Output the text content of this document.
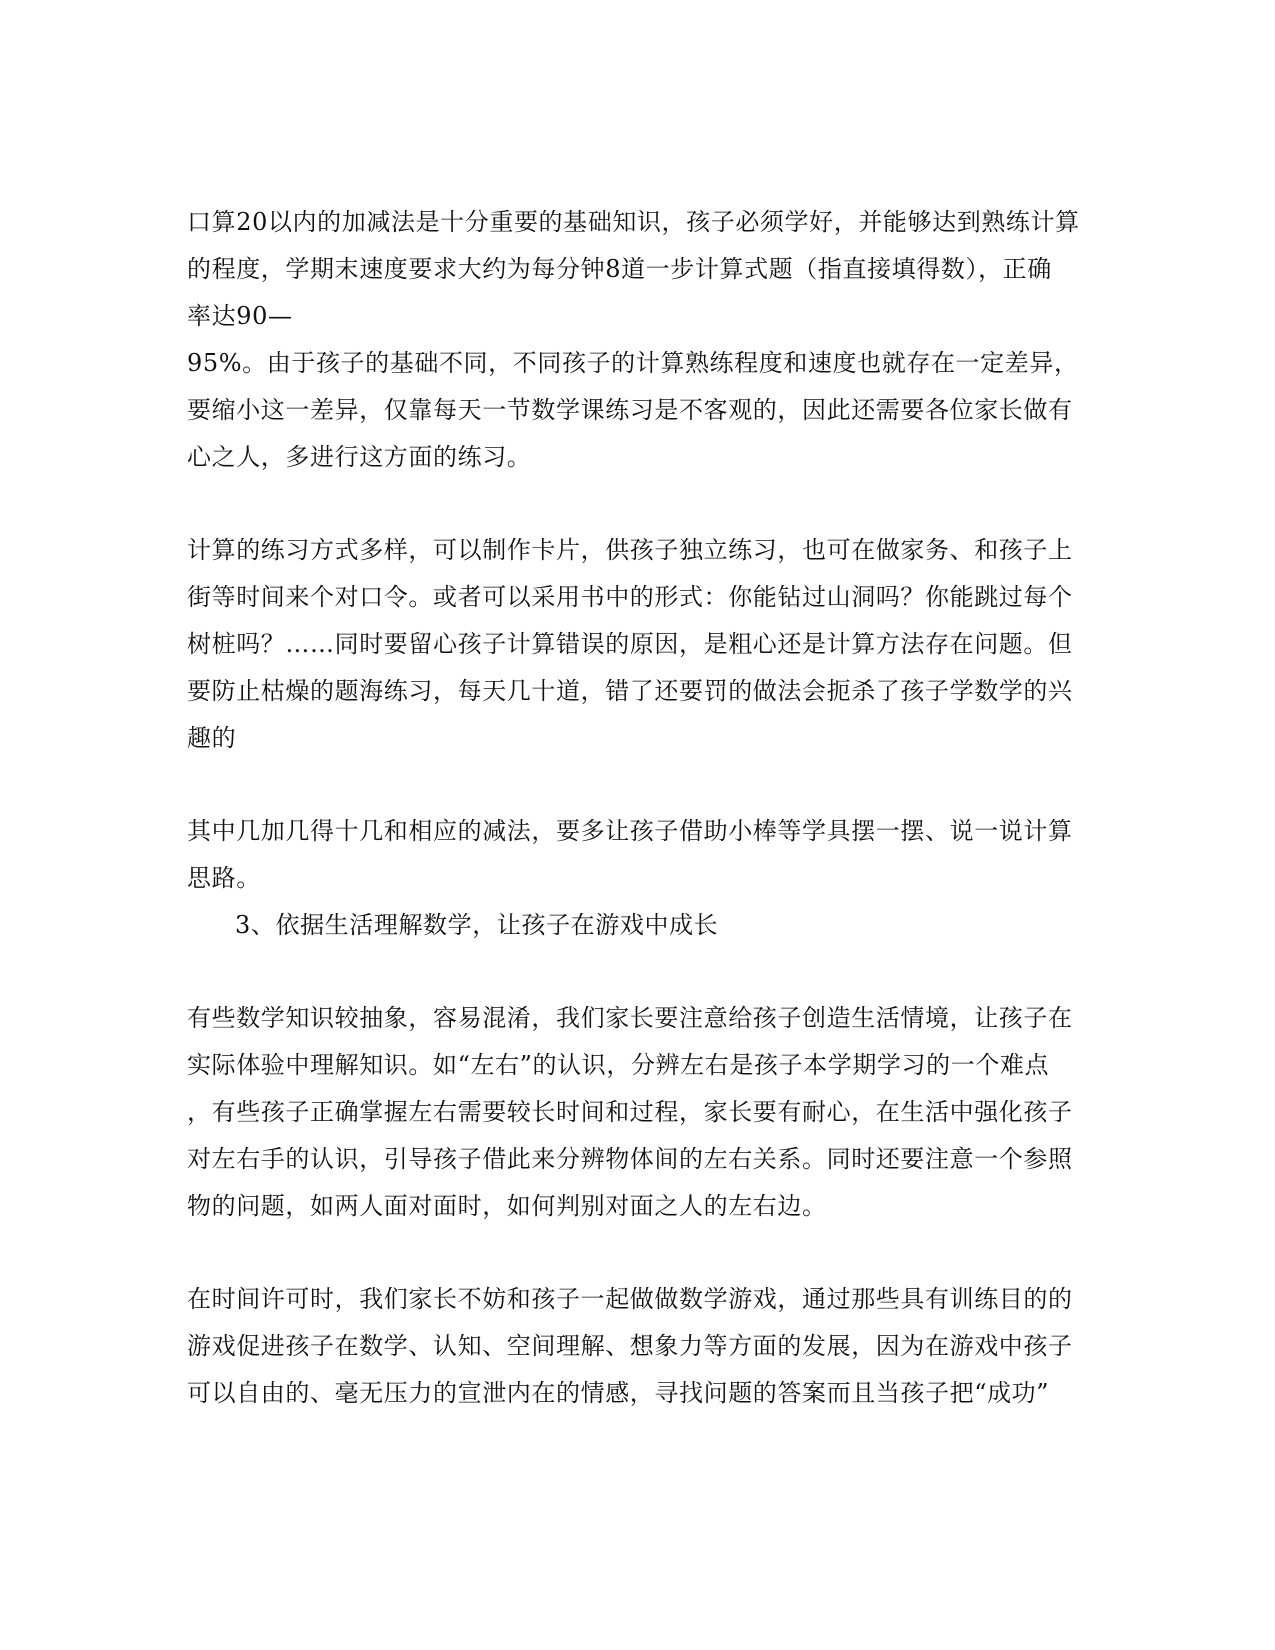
口算20以内的加减法是十分重要的基础知识，孩子必须学好，并能够达到熟练计算
的程度，学期末速度要求大约为每分钟8道一步计算式题（指直接填得数），正确
率达90—
95%。由于孩子的基础不同，不同孩子的计算熟练程度和速度也就存在一定差异，
要缩小这一差异，仅靠每天一节数学课练习是不客观的，因此还需要各位家长做有
心之人，多进行这方面的练习。
计算的练习方式多样，可以制作卡片，供孩子独立练习，也可在做家务、和孩子上
街等时间来个对口令。或者可以采用书中的形式：你能钻过山洞吗？你能跳过每个
树桩吗？……同时要留心孩子计算错误的原因，是粗心还是计算方法存在问题。但
要防止枯燥的题海练习，每天几十道，错了还要罚的做法会扼杀了孩子学数学的兴
趣的
其中几加几得十几和相应的减法，要多让孩子借助小棒等学具摆一摆、说一说计算
思路。
3、依据生活理解数学，让孩子在游戏中成长
有些数学知识较抽象，容易混淆，我们家长要注意给孩子创造生活情境，让孩子在
实际体验中理解知识。如“左右”的认识，分辨左右是孩子本学期学习的一个难点
，有些孩子正确掌握左右需要较长时间和过程，家长要有耐心，在生活中强化孩子
对左右手的认识，引导孩子借此来分辨物体间的左右关系。同时还要注意一个参照
物的问题，如两人面对面时，如何判别对面之人的左右边。
在时间许可时，我们家长不妨和孩子一起做做数学游戏，通过那些具有训练目的的
游戏促进孩子在数学、认知、空间理解、想象力等方面的发展，因为在游戏中孩子
可以自由的、毫无压力的宣泄内在的情感，寻找问题的答案而且当孩子把“成功”
